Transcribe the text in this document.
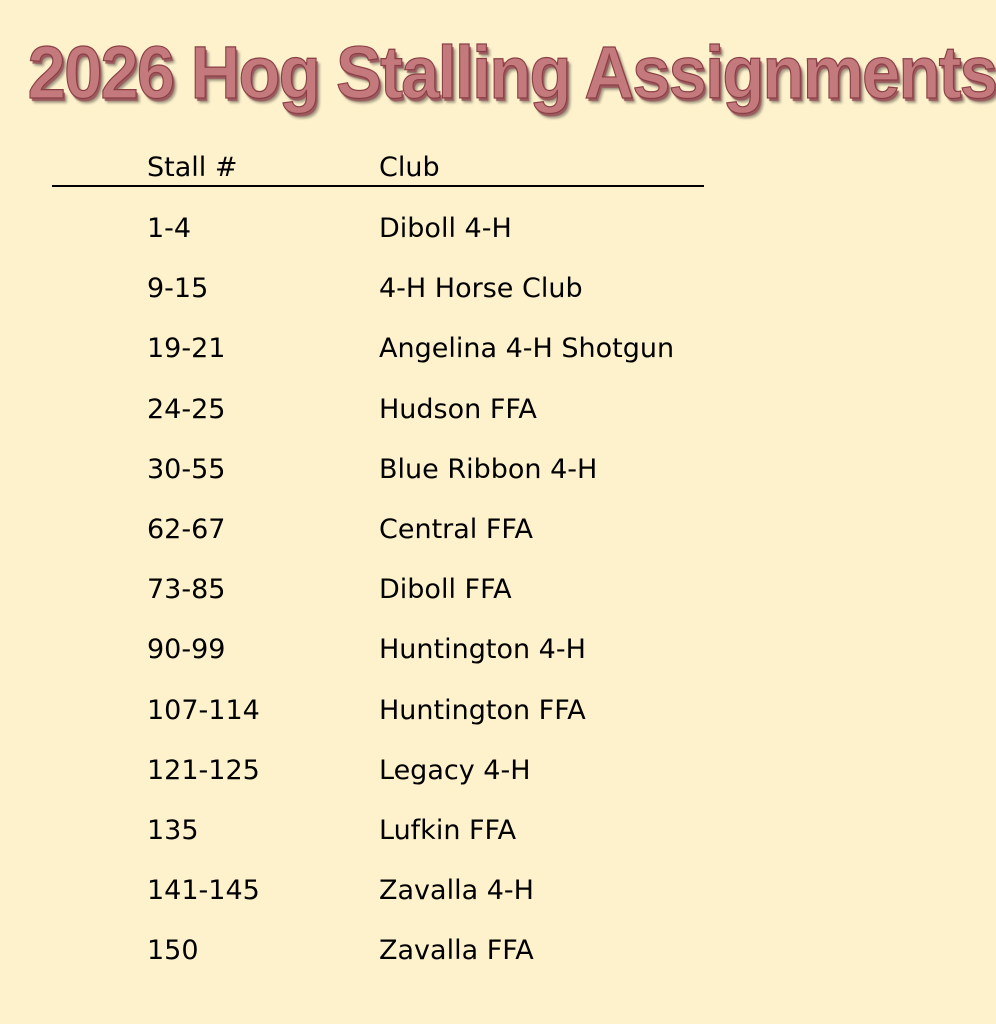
2026 Hog Stalling Assignments
Stall #	Club
1-4	Diboll 4-H
9-15	4-H Horse Club
19-21	Angelina 4-H Shotgun
24-25	Hudson FFA
30-55	Blue Ribbon 4-H
62-67	Central FFA
73-85	Diboll FFA
90-99	Huntington 4-H
107-114	Huntington FFA
121-125	Legacy 4-H
135	Lufkin FFA
141-145	Zavalla 4-H
150	Zavalla FFA
